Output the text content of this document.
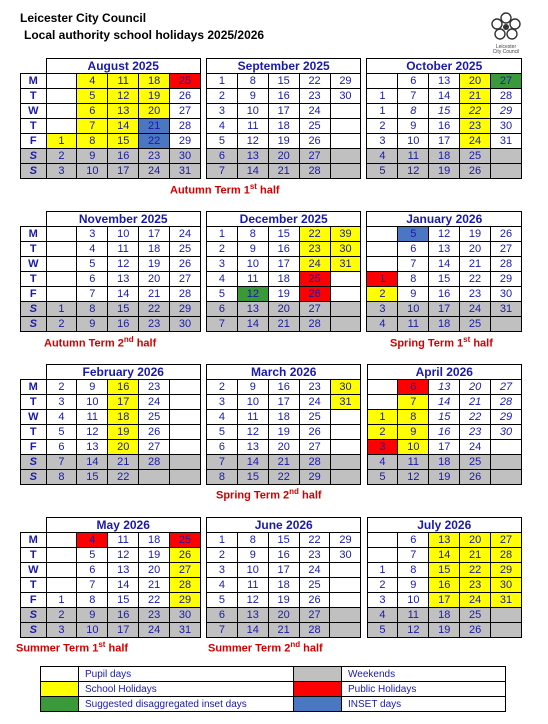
Leicester City Council
Local authority school holidays 2025/2026
Leicester
City Council
	August 2025						September 2025						October 2025				
M		4	11	18	25		1	8	15	22	29			6	13	20	27
T		5	12	19	26		2	9	16	23	30		1	7	14	21	28
W		6	13	20	27		3	10	17	24			1	8	15	22	29
T		7	14	21	28		4	11	18	25			2	9	16	23	30
F	1	8	15	22	29		5	12	19	26			3	10	17	24	31
S	2	9	16	23	30		6	13	20	27			4	11	18	25	
S	3	10	17	24	31		7	14	21	28			5	12	19	26	
	November 2025						December 2025						January 2026				
M		3	10	17	24		1	8	15	22	39			5	12	19	26
T		4	11	18	25		2	9	16	23	30			6	13	20	27
W		5	12	19	26		3	10	17	24	31			7	14	21	28
T		6	13	20	27		4	11	18	25			1	8	15	22	29
F		7	14	21	28		5	12	19	26			2	9	16	23	30
S	1	8	15	22	29		6	13	20	27			3	10	17	24	31
S	2	9	16	23	30		7	14	21	28			4	11	18	25	
	February 2026						March 2026						April 2026				
M	2	9	16	23			2	9	16	23	30			6	13	20	27
T	3	10	17	24			3	10	17	24	31			7	14	21	28
W	4	11	18	25			4	11	18	25			1	8	15	22	29
T	5	12	19	26			5	12	19	26			2	9	16	23	30
F	6	13	20	27			6	13	20	27			3	10	17	24	
S	7	14	21	28			7	14	21	28			4	11	18	25	
S	8	15	22				8	15	22	29			5	12	19	26	
	May 2026						June 2026						July 2026				
M		4	11	18	25		1	8	15	22	29			6	13	20	27
T		5	12	19	26		2	9	16	23	30			7	14	21	28
W		6	13	20	27		3	10	17	24			1	8	15	22	29
T		7	14	21	28		4	11	18	25			2	9	16	23	30
F	1	8	15	22	29		5	12	19	26			3	10	17	24	31
S	2	9	16	23	30		6	13	20	27			4	11	18	25	
S	3	10	17	24	31		7	14	21	28			5	12	19	26	
Autumn Term 1st half
Autumn Term 2nd half	Spring Term 1st half
Spring Term 2nd half
Summer Term 1st half	Summer Term 2nd half
	Pupil days		Weekends
	School Holidays		Public Holidays
	Suggested disaggregated inset days		INSET days
